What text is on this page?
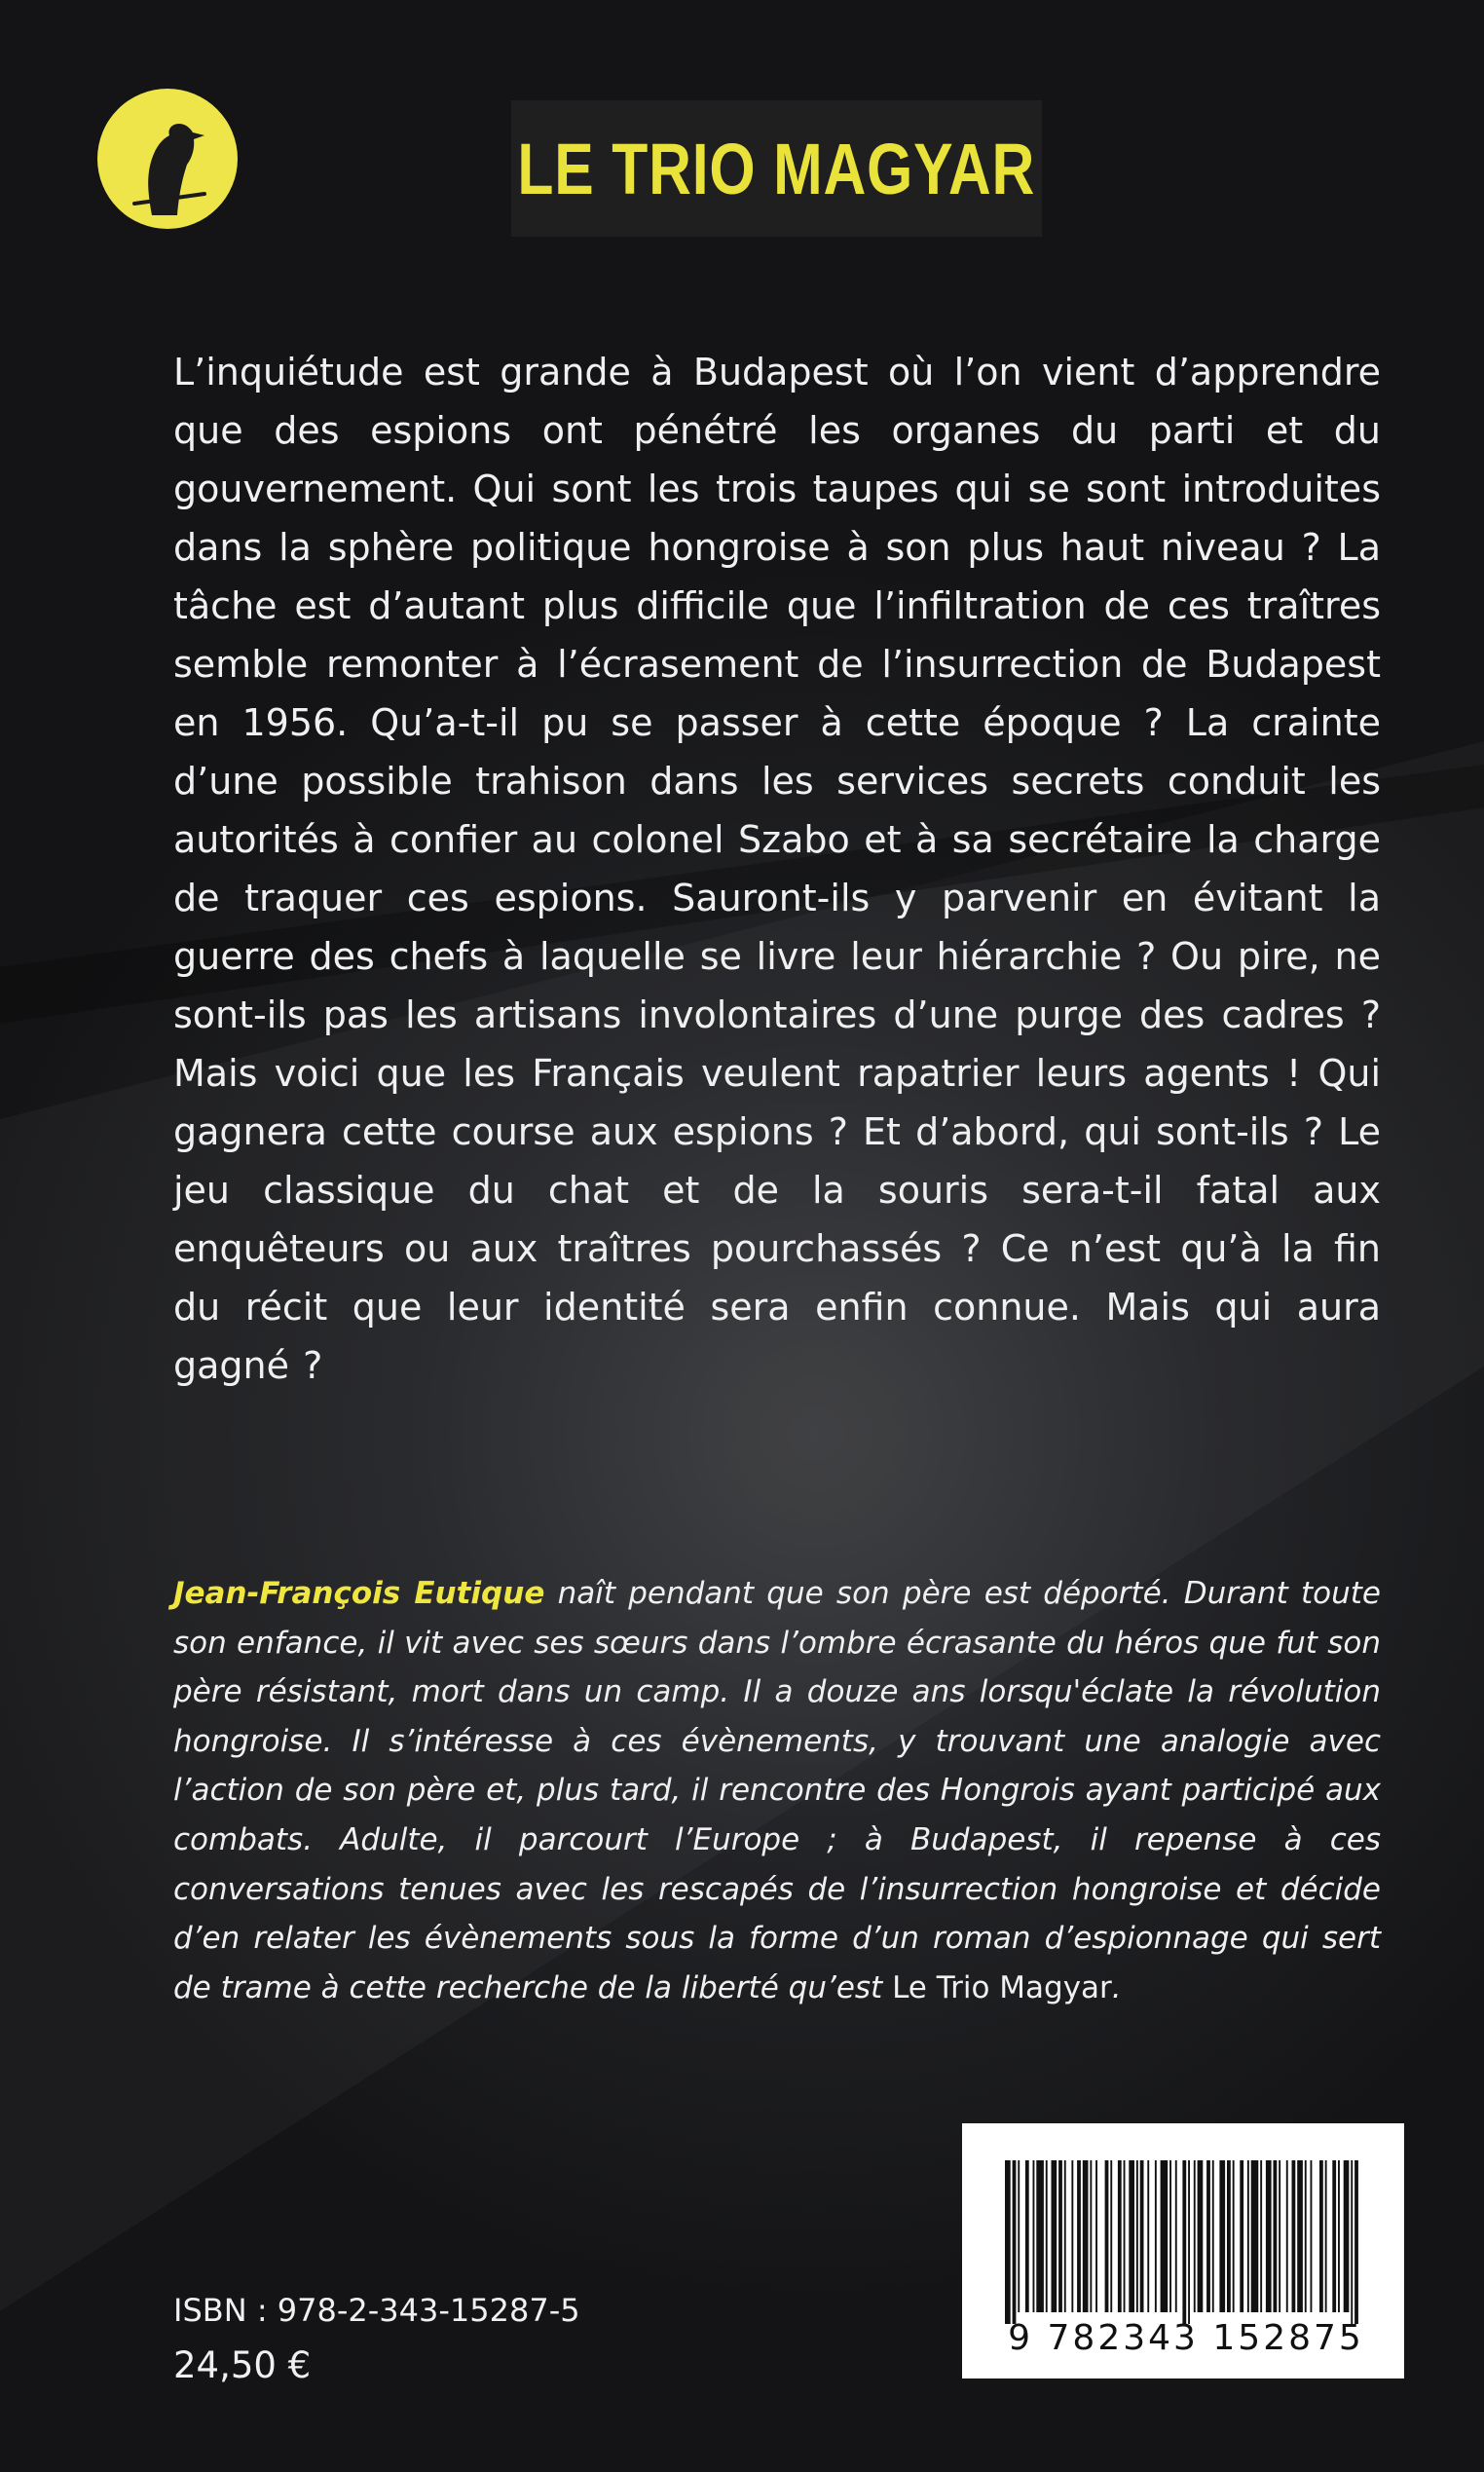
LE TRIO MAGYAR

L’inquiétude est grande à Budapest où l’on vient d’apprendre que des espions ont pénétré les organes du parti et du gouvernement. Qui sont les trois taupes qui se sont introduites dans la sphère politique hongroise à son plus haut niveau ? La tâche est d’autant plus difficile que l’infiltration de ces traîtres semble remonter à l’écrasement de l’insurrection de Budapest en 1956. Qu’a-t-il pu se passer à cette époque ? La crainte d’une possible trahison dans les services secrets conduit les autorités à confier au colonel Szabo et à sa secrétaire la charge de traquer ces espions. Sauront-ils y parvenir en évitant la guerre des chefs à laquelle se livre leur hiérarchie ? Ou pire, ne sont-ils pas les artisans involontaires d’une purge des cadres ? Mais voici que les Français veulent rapatrier leurs agents ! Qui gagnera cette course aux espions ? Et d’abord, qui sont-ils ? Le jeu classique du chat et de la souris sera-t-il fatal aux enquêteurs ou aux traîtres pourchassés ? Ce n’est qu’à la fin du récit que leur identité sera enfin connue. Mais qui aura gagné ?

Jean-François Eutique naît pendant que son père est déporté. Durant toute son enfance, il vit avec ses sœurs dans l’ombre écrasante du héros que fut son père résistant, mort dans un camp. Il a douze ans lorsqu'éclate la révolution hongroise. Il s’intéresse à ces évènements, y trouvant une analogie avec l’action de son père et, plus tard, il rencontre des Hongrois ayant participé aux combats. Adulte, il parcourt l’Europe ; à Budapest, il repense à ces conversations tenues avec les rescapés de l’insurrection hongroise et décide d’en relater les évènements sous la forme d’un roman d’espionnage qui sert de trame à cette recherche de la liberté qu’est Le Trio Magyar.

ISBN : 978-2-343-15287-5
24,50 €
9 782343 152875
